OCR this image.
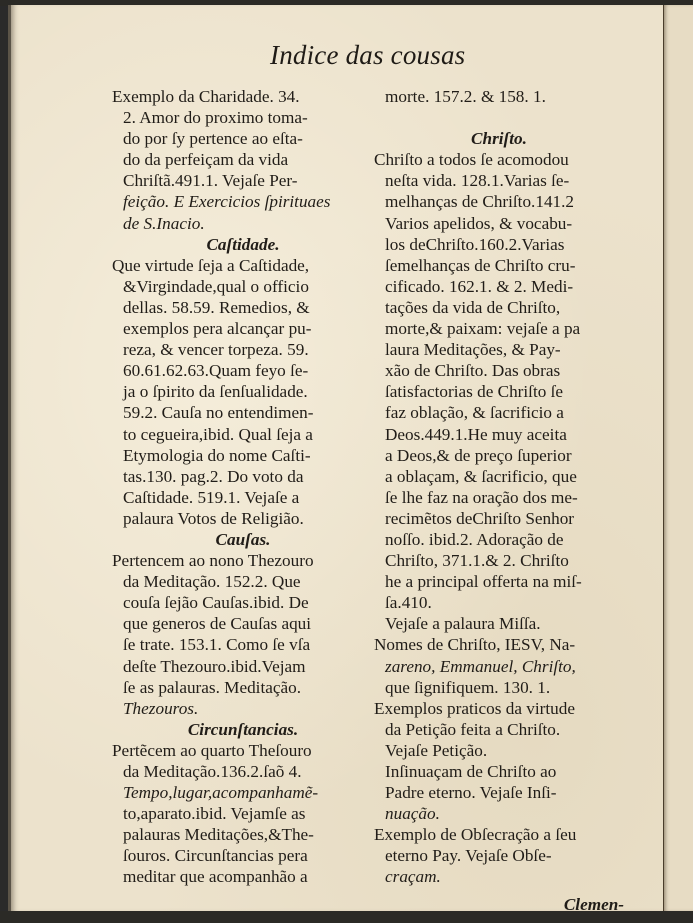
Indice das cousas
Exemplo da Charidade. 34.
2. Amor do proximo toma-
do por ſy pertence ao eſta-
do da perfeiçam da vida
Chriſtã.491.1. Vejaſe Per-
feição. E Exercicios ſpirituaes
de S.Inacio.
Caſtidade.
Que virtude ſeja a Caſtidade,
&Virgindade,qual o officio
dellas. 58.59. Remedios, &
exemplos pera alcançar pu-
reza, & vencer torpeza. 59.
60.61.62.63.Quam feyo ſe-
ja o ſpirito da ſenſualidade.
59.2. Cauſa no entendimen-
to cegueira,ibid. Qual ſeja a
Etymologia do nome Caſti-
tas.130. pag.2. Do voto da
Caſtidade. 519.1. Vejaſe a
palaura Votos de Religião.
Cauſas.
Pertencem ao nono Thezouro
da Meditação. 152.2. Que
couſa ſejão Cauſas.ibid. De
que generos de Cauſas aqui
ſe trate. 153.1. Como ſe vſa
deſte Thezouro.ibid.Vejam
ſe as palauras. Meditação.
Thezouros.
Circunſtancias.
Pertẽcem ao quarto Theſouro
da Meditação.136.2.ſaõ 4.
Tempo,lugar,acompanhamẽ-
to,aparato.ibid. Vejamſe as
palauras Meditações,&The-
ſouros. Circunſtancias pera
meditar que acompanhão a
morte. 157.2. & 158. 1.

Chriſto.
Chriſto a todos ſe acomodou
neſta vida. 128.1.Varias ſe-
melhanças de Chriſto.141.2
Varios apelidos, & vocabu-
los deChriſto.160.2.Varias
ſemelhanças de Chriſto cru-
cificado. 162.1. & 2. Medi-
tações da vida de Chriſto,
morte,& paixam: vejaſe a pa
laura Meditações, & Pay-
xão de Chriſto. Das obras
ſatisfactorias de Chriſto ſe
faz oblação, & ſacrificio a
Deos.449.1.He muy aceita
a Deos,& de preço ſuperior
a oblaçam, & ſacrificio, que
ſe lhe faz na oração dos me-
recimẽtos deChriſto Senhor
noſſo. ibid.2. Adoração de
Chriſto, 371.1.& 2. Chriſto
he a principal offerta na miſ-
ſa.410.
Vejaſe a palaura Miſſa.
Nomes de Chriſto, IESV, Na-
zareno, Emmanuel, Chriſto,
que ſignifiquem. 130. 1.
Exemplos praticos da virtude
da Petição feita a Chriſto.
Vejaſe Petição.
Inſinuaçam de Chriſto ao
Padre eterno. Vejaſe Inſi-
nuação.
Exemplo de Obſecração a ſeu
eterno Pay. Vejaſe Obſe-
craçam.
Clemen-
